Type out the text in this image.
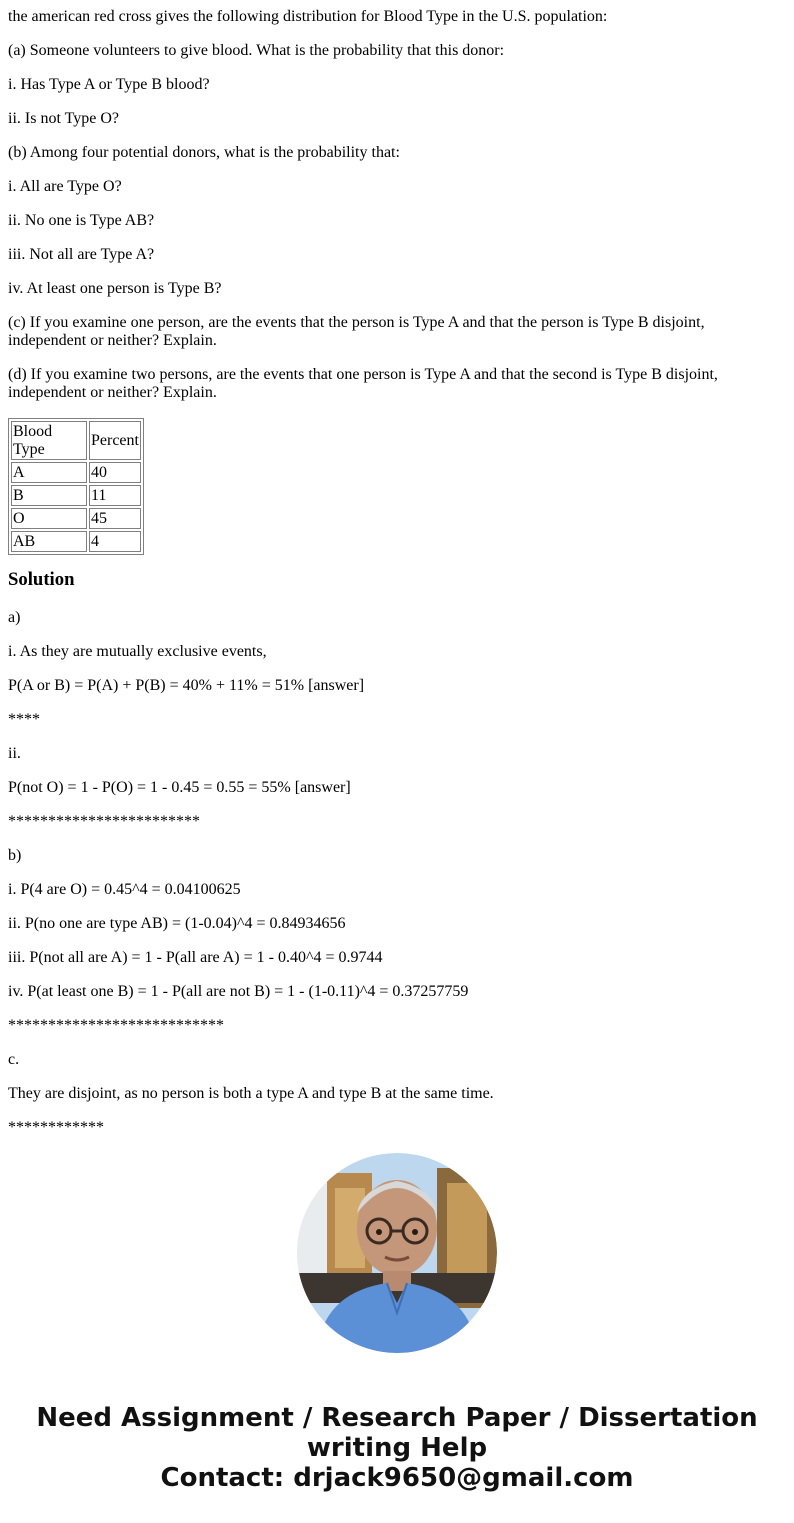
the american red cross gives the following distribution for Blood Type in the U.S. population:
(a) Someone volunteers to give blood. What is the probability that this donor:
i. Has Type A or Type B blood?
ii. Is not Type O?
(b) Among four potential donors, what is the probability that:
i. All are Type O?
ii. No one is Type AB?
iii. Not all are Type A?
iv. At least one person is Type B?
(c) If you examine one person, are the events that the person is Type A and that the person is Type B disjoint, independent or neither? Explain.
(d) If you examine two persons, are the events that one person is Type A and that the second is Type B disjoint, independent or neither? Explain.
Blood Type	Percent
A	40
B	11
O	45
AB	4
Solution
a)
i. As they are mutually exclusive events,
P(A or B) = P(A) + P(B) = 40% + 11% = 51% [answer]
****
ii.
P(not O) = 1 - P(O) = 1 - 0.45 = 0.55 = 55% [answer]
************************
b)
i. P(4 are O) = 0.45^4 = 0.04100625
ii. P(no one are type AB) = (1-0.04)^4 = 0.84934656
iii. P(not all are A) = 1 - P(all are A) = 1 - 0.40^4 = 0.9744
iv. P(at least one B) = 1 - P(all are not B) = 1 - (1-0.11)^4 = 0.37257759
***************************
c.
They are disjoint, as no person is both a type A and type B at the same time.
************
Need Assignment / Research Paper / Dissertation
writing Help
Contact: drjack9650@gmail.com
